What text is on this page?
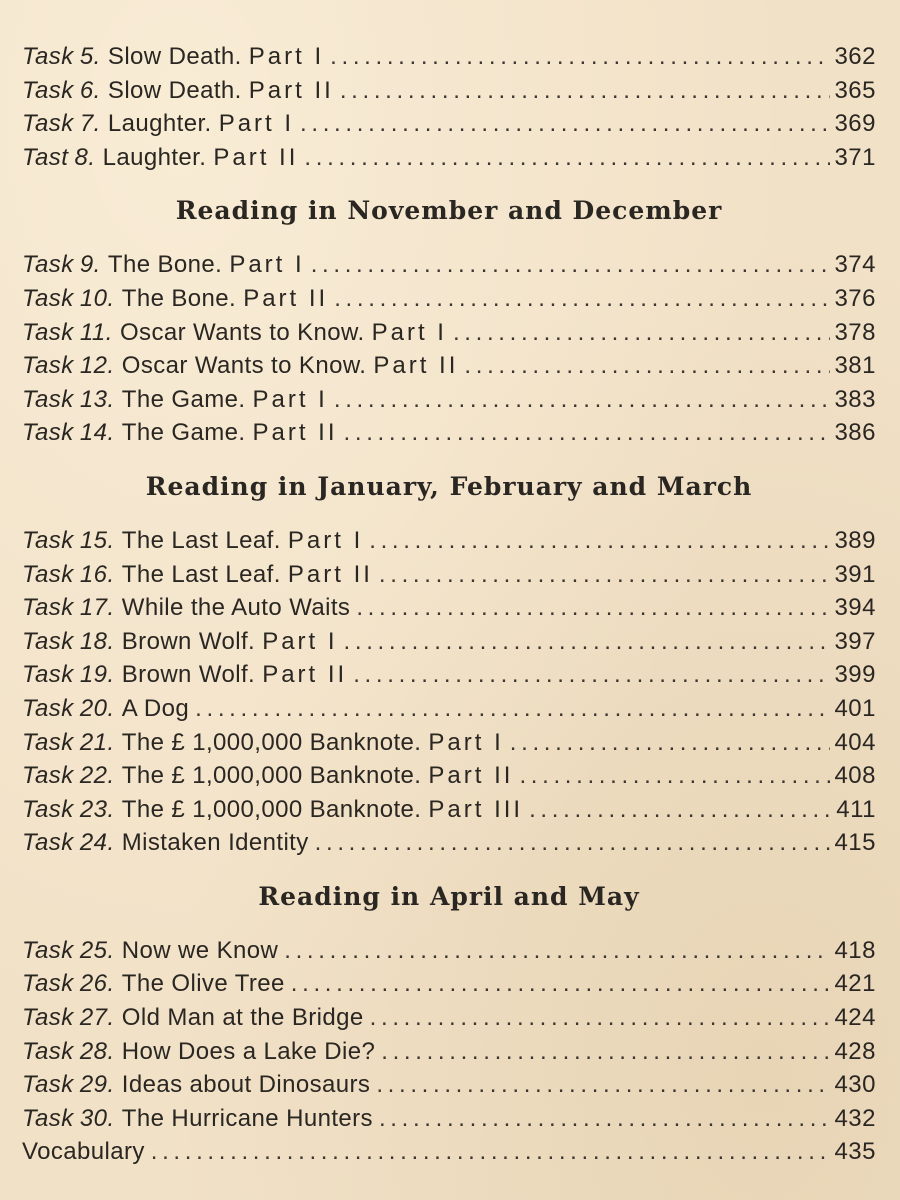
Task 5. Slow Death. Part I . . .	362
Task 6. Slow Death. Part II . . .	365
Task 7. Laughter. Part I . . .	369
Tast 8. Laughter. Part II . . .	371
Reading in November and December
Task 9. The Bone. Part I . . .	374
Task 10. The Bone. Part II . . .	376
Task 11. Oscar Wants to Know. Part I . . .	378
Task 12. Oscar Wants to Know. Part II . . .	381
Task 13. The Game. Part I . . .	383
Task 14. The Game. Part II . . .	386
Reading in January, February and March
Task 15. The Last Leaf. Part I . . .	389
Task 16. The Last Leaf. Part II . . .	391
Task 17. While the Auto Waits . . .	394
Task 18. Brown Wolf. Part I . . .	397
Task 19. Brown Wolf. Part II . . .	399
Task 20. A Dog . . .	401
Task 21. The £ 1,000,000 Banknote. Part I . . .	404
Task 22. The £ 1,000,000 Banknote. Part II . . .	408
Task 23. The £ 1,000,000 Banknote. Part III . . .	411
Task 24. Mistaken Identity . . .	415
Reading in April and May
Task 25. Now we Know . . .	418
Task 26. The Olive Tree . . .	421
Task 27. Old Man at the Bridge . . .	424
Task 28. How Does a Lake Die? . . .	428
Task 29. Ideas about Dinosaurs . . .	430
Task 30. The Hurricane Hunters . . .	432
Vocabulary . . .	435
